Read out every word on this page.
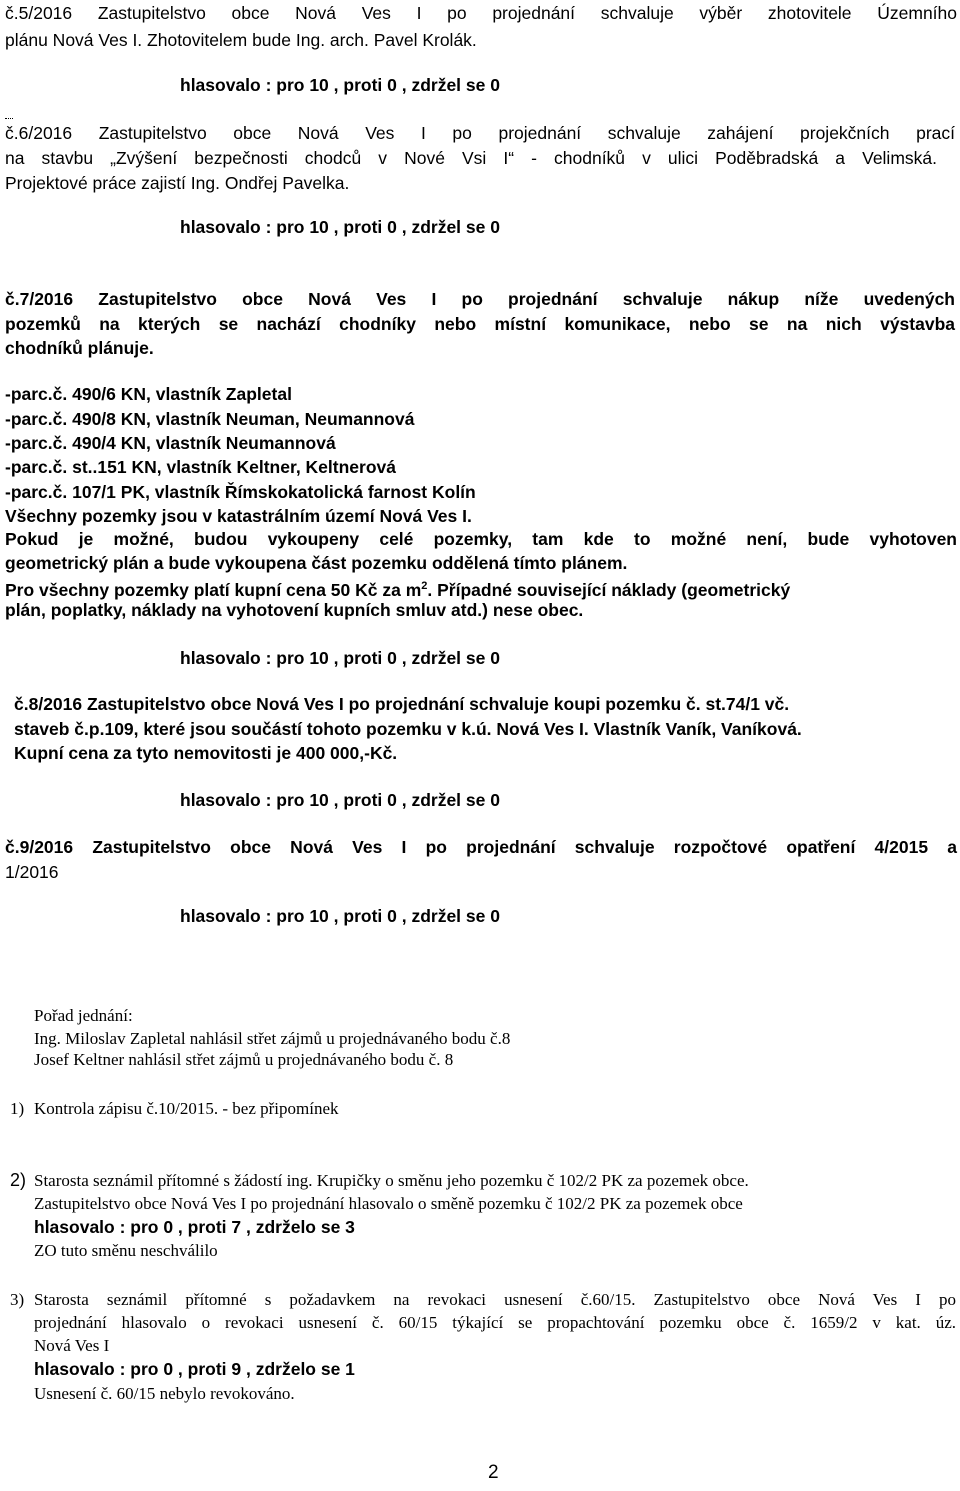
č.5/2016 Zastupitelstvo obce Nová Ves I po projednání schvaluje výběr zhotovitele Územního
plánu Nová Ves I. Zhotovitelem bude Ing. arch. Pavel Krolák.
hlasovalo : pro 10 , proti 0 , zdržel se 0
č.6/2016 Zastupitelstvo obce Nová Ves I po projednání schvaluje zahájení projekčních prací
na stavbu „Zvýšení bezpečnosti chodců v Nové Vsi I“ - chodníků v ulici Poděbradská a Velimská.
Projektové práce zajistí Ing. Ondřej Pavelka.
hlasovalo : pro 10 , proti 0 , zdržel se 0
č.7/2016 Zastupitelstvo obce Nová Ves I po projednání schvaluje nákup níže uvedených
pozemků na kterých se nachází chodníky nebo místní komunikace, nebo se na nich výstavba
chodníků plánuje.
-parc.č. 490/6 KN, vlastník Zapletal
-parc.č. 490/8 KN, vlastník Neuman, Neumannová
-parc.č. 490/4 KN, vlastník Neumannová
-parc.č. st..151 KN, vlastník Keltner, Keltnerová
-parc.č. 107/1 PK, vlastník Římskokatolická farnost Kolín
Všechny pozemky jsou v katastrálním území Nová Ves I.
Pokud je možné, budou vykoupeny celé pozemky, tam kde to možné není, bude vyhotoven
geometrický plán a bude vykoupena část pozemku oddělená tímto plánem.
Pro všechny pozemky platí kupní cena 50 Kč za $m^2$. Případné související náklady (geometrický
plán, poplatky, náklady na vyhotovení kupních smluv atd.) nese obec.
hlasovalo : pro 10 , proti 0 , zdržel se 0
č.8/2016 Zastupitelstvo obce Nová Ves I po projednání schvaluje koupi pozemku č. st.74/1 vč.
staveb č.p.109, které jsou součástí tohoto pozemku v k.ú. Nová Ves I. Vlastník Vaník, Vaníková.
Kupní cena za tyto nemovitosti je 400 000,-Kč.
hlasovalo : pro 10 , proti 0 , zdržel se 0
č.9/2016 Zastupitelstvo obce Nová Ves I po projednání schvaluje rozpočtové opatření 4/2015 a
1/2016
hlasovalo : pro 10 , proti 0 , zdržel se 0
Pořad jednání:
Ing. Miloslav Zapletal nahlásil střet zájmů u projednávaného bodu č.8
Josef Keltner nahlásil střet zájmů u projednávaného bodu č. 8
1) Kontrola zápisu č.10/2015. - bez připomínek
2) Starosta seznámil přítomné s žádostí ing. Krupičky o směnu jeho pozemku č 102/2 PK za pozemek obce.
Zastupitelstvo obce Nová Ves I po projednání hlasovalo o směně pozemku č 102/2 PK za pozemek obce
hlasovalo : pro 0 , proti 7 , zdrželo se 3
ZO tuto směnu neschválilo
3) Starosta seznámil přítomné s požadavkem na revokaci usnesení č.60/15. Zastupitelstvo obce Nová Ves I po
projednání hlasovalo o revokaci usnesení č. 60/15 týkající se propachtování pozemku obce č. 1659/2 v kat. úz.
Nová Ves I
hlasovalo : pro 0 , proti 9 , zdrželo se 1
Usnesení č. 60/15 nebylo revokováno.
2
